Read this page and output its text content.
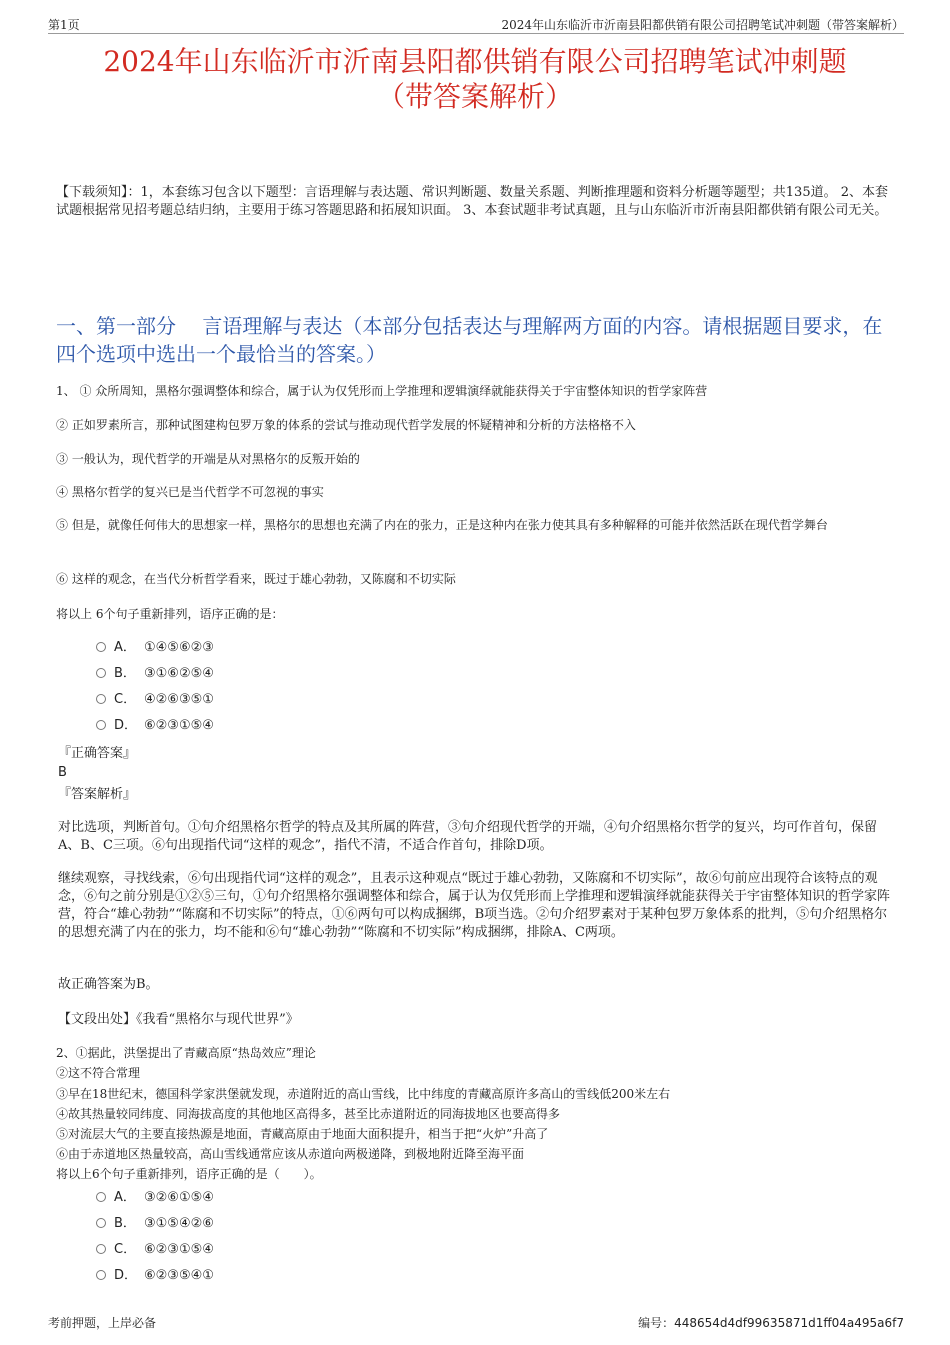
第1页	2024年山东临沂市沂南县阳都供销有限公司招聘笔试冲刺题（带答案解析）
2024年山东临沂市沂南县阳都供销有限公司招聘笔试冲刺题
（带答案解析）
【下载须知】：1，本套练习包含以下题型：言语理解与表达题、常识判断题、数量关系题、判断推理题和资料分析题等题型；共135道。 2、本套试题根据常见招考题总结归纳，主要用于练习答题思路和拓展知识面。 3、本套试题非考试真题，且与山东临沂市沂南县阳都供销有限公司无关。
一、第一部分　 言语理解与表达（本部分包括表达与理解两方面的内容。请根据题目要求，在四个选项中选出一个最恰当的答案。）
1、 ① 众所周知，黑格尔强调整体和综合，属于认为仅凭形而上学推理和逻辑演绎就能获得关于宇宙整体知识的哲学家阵营
② 正如罗素所言，那种试图建构包罗万象的体系的尝试与推动现代哲学发展的怀疑精神和分析的方法格格不入
③ 一般认为，现代哲学的开端是从对黑格尔的反叛开始的
④ 黑格尔哲学的复兴已是当代哲学不可忽视的事实
⑤ 但是，就像任何伟大的思想家一样，黑格尔的思想也充满了内在的张力，正是这种内在张力使其具有多种解释的可能并依然活跃在现代哲学舞台
⑥ 这样的观念，在当代分析哲学看来，既过于雄心勃勃，又陈腐和不切实际
将以上 6个句子重新排列，语序正确的是：
A． ①④⑤⑥②③
B． ③①⑥②⑤④
C． ④②⑥③⑤①
D． ⑥②③①⑤④
『正确答案』
B
『答案解析』
对比选项，判断首句。①句介绍黑格尔哲学的特点及其所属的阵营，③句介绍现代哲学的开端，④句介绍黑格尔哲学的复兴，均可作首句，保留A、B、C三项。⑥句出现指代词“这样的观念”，指代不清，不适合作首句，排除D项。
继续观察，寻找线索，⑥句出现指代词“这样的观念”，且表示这种观点“既过于雄心勃勃，又陈腐和不切实际”，故⑥句前应出现符合该特点的观念，⑥句之前分别是①②⑤三句，①句介绍黑格尔强调整体和综合，属于认为仅凭形而上学推理和逻辑演绎就能获得关于宇宙整体知识的哲学家阵营，符合“雄心勃勃”“陈腐和不切实际”的特点，①⑥两句可以构成捆绑，B项当选。②句介绍罗素对于某种包罗万象体系的批判，⑤句介绍黑格尔的思想充满了内在的张力，均不能和⑥句“雄心勃勃”“陈腐和不切实际”构成捆绑，排除A、C两项。
故正确答案为B。
【文段出处】《我看“黑格尔与现代世界”》
2、①据此，洪堡提出了青藏高原“热岛效应”理论
②这不符合常理
③早在18世纪末，德国科学家洪堡就发现，赤道附近的高山雪线，比中纬度的青藏高原许多高山的雪线低200米左右
④故其热量较同纬度、同海拔高度的其他地区高得多，甚至比赤道附近的同海拔地区也要高得多
⑤对流层大气的主要直接热源是地面，青藏高原由于地面大面积提升，相当于把“火炉”升高了
⑥由于赤道地区热量较高，高山雪线通常应该从赤道向两极递降，到极地附近降至海平面
将以上6个句子重新排列，语序正确的是（　　）。
A． ③②⑥①⑤④
B． ③①⑤④②⑥
C． ⑥②③①⑤④
D． ⑥②③⑤④①
考前押题，上岸必备	编号：448654d4df99635871d1ff04a495a6f7
